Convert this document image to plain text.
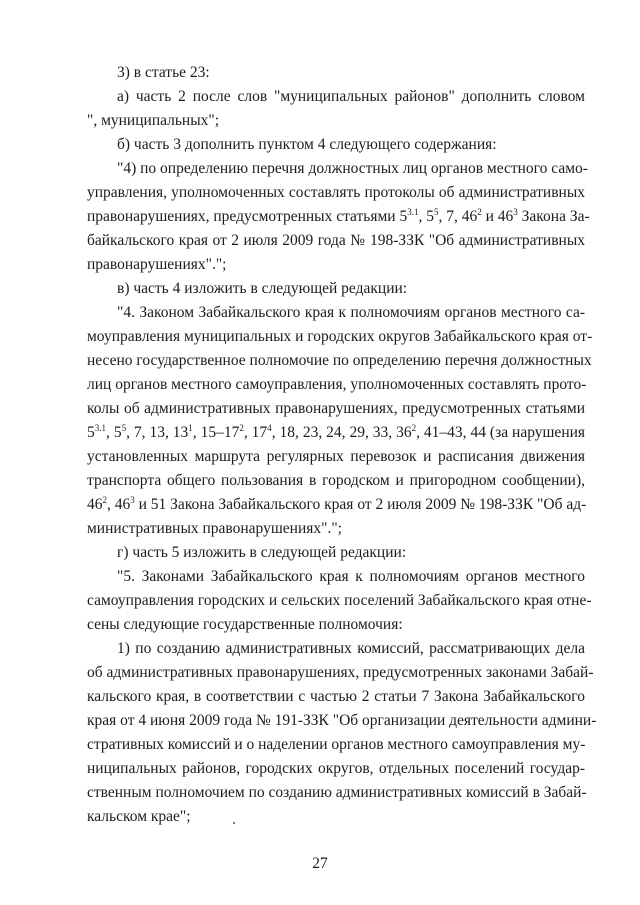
27
3) в статье 23:
а) часть 2 после слов "муниципальных районов" дополнить словом
", муниципальных";
б) часть 3 дополнить пунктом 4 следующего содержания:
"4) по определению перечня должностных лиц органов местного само-
управления, уполномоченных составлять протоколы об административных
правонарушениях, предусмотренных статьями $5^{3.1}$, $5^5$, 7, $46^2$ и $46^3$ Закона За-
байкальского края от 2 июля 2009 года № 198-ЗЗК "Об административных
правонарушениях".";
в) часть 4 изложить в следующей редакции:
"4. Законом Забайкальского края к полномочиям органов местного са-
моуправления муниципальных и городских округов Забайкальского края от-
несено государственное полномочие по определению перечня должностных
лиц органов местного самоуправления, уполномоченных составлять прото-
колы об административных правонарушениях, предусмотренных статьями
$5^{3.1}$, $5^5$, 7, 13, $13^1$, $15-17^2$, $17^4$, 18, 23, 24, 29, 33, $36^2$, 41–43, 44 (за нарушения
установленных маршрута регулярных перевозок и расписания движения
транспорта общего пользования в городском и пригородном сообщении),
$46^2$, $46^3$ и 51 Закона Забайкальского края от 2 июля 2009 № 198-ЗЗК "Об ад-
министративных правонарушениях".";
г) часть 5 изложить в следующей редакции:
"5. Законами Забайкальского края к полномочиям органов местного
самоуправления городских и сельских поселений Забайкальского края отне-
сены следующие государственные полномочия:
1) по созданию административных комиссий, рассматривающих дела
об административных правонарушениях, предусмотренных законами Забай-
кальского края, в соответствии с частью 2 статьи 7 Закона Забайкальского
края от 4 июня 2009 года № 191-ЗЗК "Об организации деятельности админи-
стративных комиссий и о наделении органов местного самоуправления му-
ниципальных районов, городских округов, отдельных поселений государ-
ственным полномочием по созданию административных комиссий в Забай-
кальском крае";
